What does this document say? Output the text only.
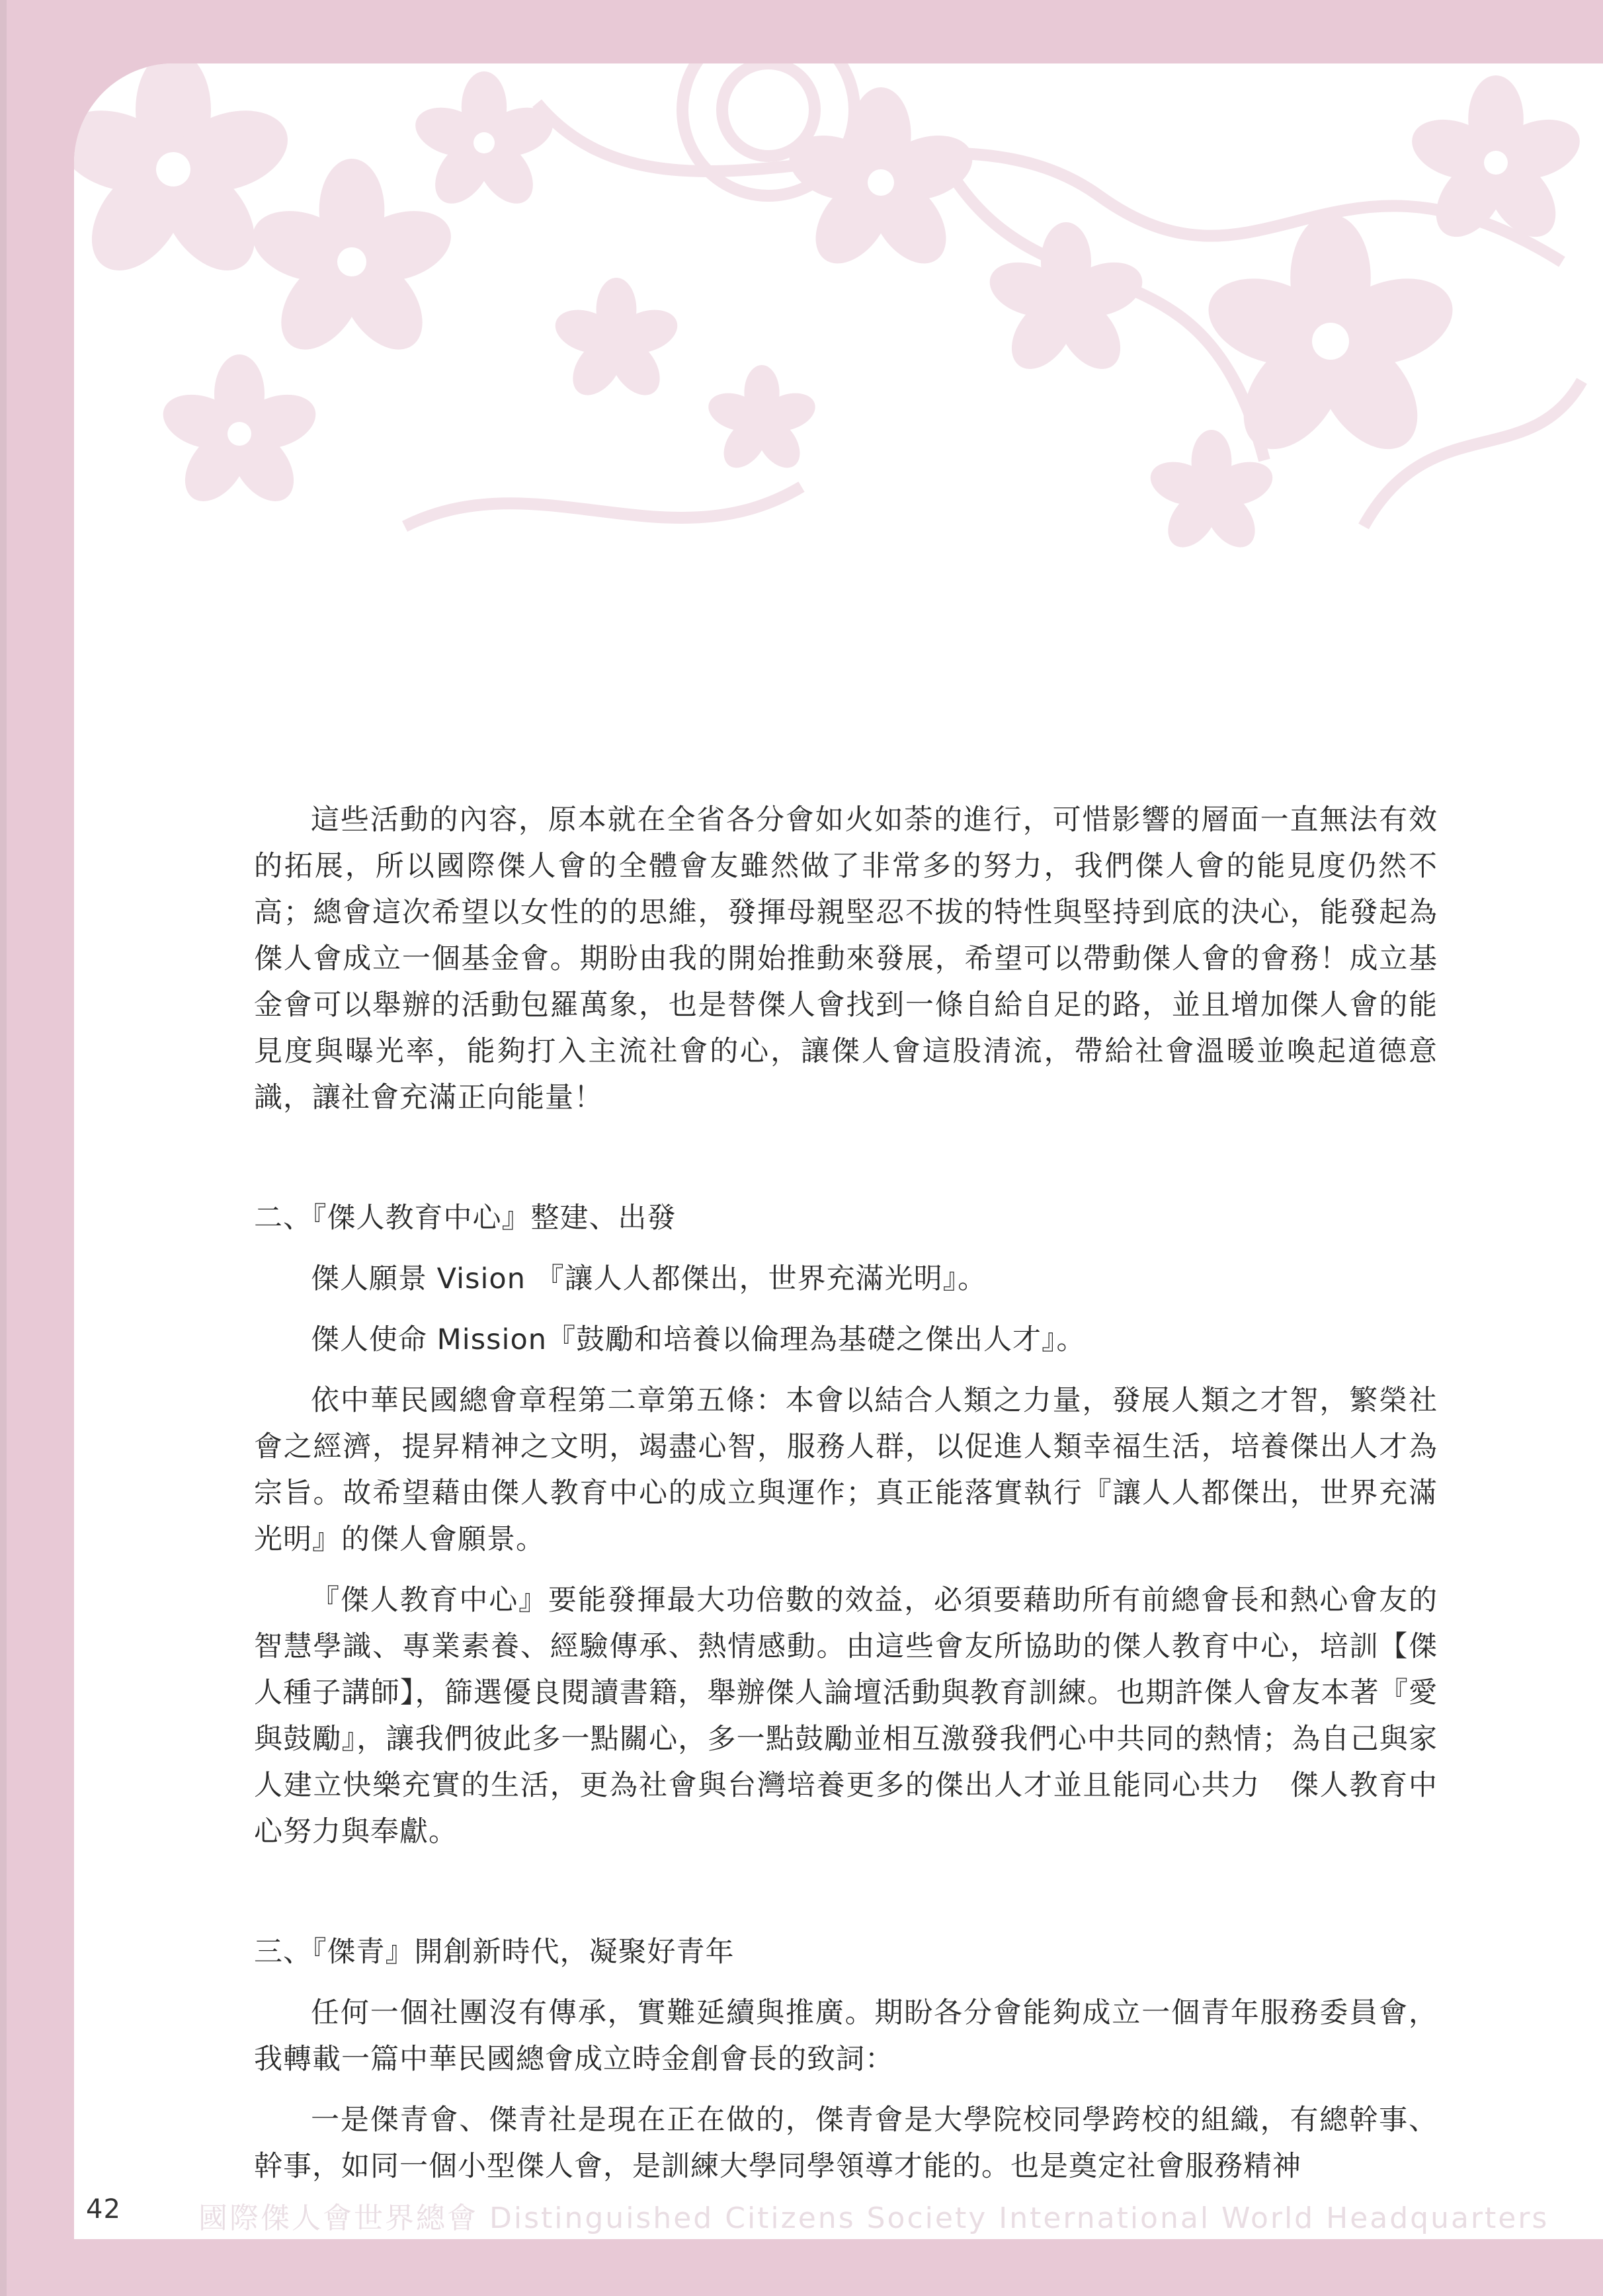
這些活動的內容，原本就在全省各分會如火如荼的進行，可惜影響的層面一直無法有效的拓展，所以國際傑人會的全體會友雖然做了非常多的努力，我們傑人會的能見度仍然不高；總會這次希望以女性的的思維，發揮母親堅忍不拔的特性與堅持到底的決心，能發起為傑人會成立一個基金會。期盼由我的開始推動來發展，希望可以帶動傑人會的會務！成立基金會可以舉辦的活動包羅萬象，也是替傑人會找到一條自給自足的路，並且增加傑人會的能見度與曝光率，能夠打入主流社會的心，讓傑人會這股清流，帶給社會溫暖並喚起道德意識，讓社會充滿正向能量！

二、『傑人教育中心』整建、出發

傑人願景 Vision 『讓人人都傑出，世界充滿光明』。

傑人使命 Mission『鼓勵和培養以倫理為基礎之傑出人才』。

依中華民國總會章程第二章第五條：本會以結合人類之力量，發展人類之才智，繁榮社會之經濟，提昇精神之文明，竭盡心智，服務人群，以促進人類幸福生活，培養傑出人才為宗旨。故希望藉由傑人教育中心的成立與運作；真正能落實執行『讓人人都傑出，世界充滿光明』的傑人會願景。

『傑人教育中心』要能發揮最大功倍數的效益，必須要藉助所有前總會長和熱心會友的智慧學識、專業素養、經驗傳承、熱情感動。由這些會友所協助的傑人教育中心，培訓【傑人種子講師】，篩選優良閱讀書籍，舉辦傑人論壇活動與教育訓練。也期許傑人會友本著『愛與鼓勵』，讓我們彼此多一點關心，多一點鼓勵並相互激發我們心中共同的熱情；為自己與家人建立快樂充實的生活，更為社會與台灣培養更多的傑出人才並且能同心共力　傑人教育中心努力與奉獻。

三、『傑青』開創新時代，凝聚好青年

任何一個社團沒有傳承，實難延續與推廣。期盼各分會能夠成立一個青年服務委員會，我轉載一篇中華民國總會成立時金創會長的致詞：

一是傑青會、傑青社是現在正在做的，傑青會是大學院校同學跨校的組織，有總幹事、幹事，如同一個小型傑人會，是訓練大學同學領導才能的。也是奠定社會服務精神

42	國際傑人會世界總會 Distinguished Citizens Society International World Headquarters
